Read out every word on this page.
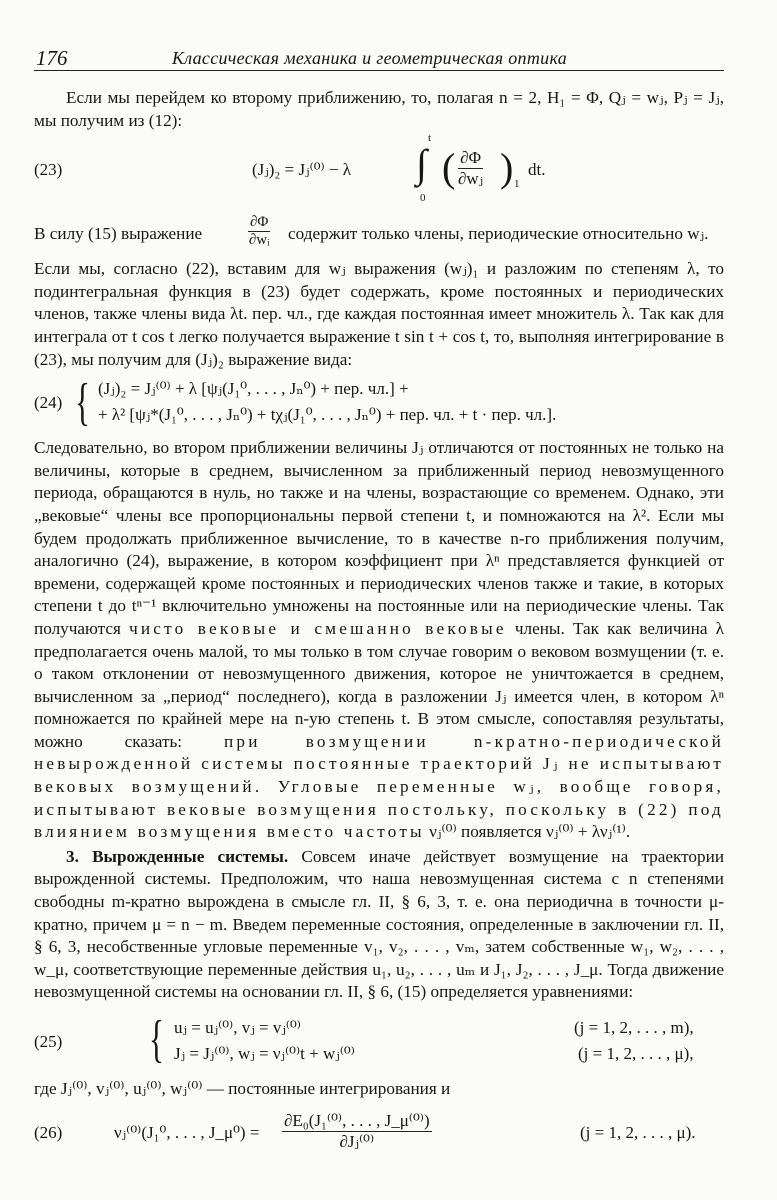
176	Классическая механика и геометрическая оптика

Если мы перейдем ко второму приближению, то, полагая n = 2, H₁ = Φ, Qⱼ = wⱼ, Pⱼ = Jⱼ, мы получим из (12):

(23)	(Jⱼ)₂ = Jⱼ⁽⁰⁾ − λ ∫
t
0
( $\frac{\partial\Phi}{\text{∂wⱼ}}$ ) 1
dt.
В силу (15) выражение	$\frac{\partial\Phi}{\text{∂wᵢ}}$ содержит только члены, периодические относительно wⱼ.

Если мы, согласно (22), вставим для wⱼ выражения (wⱼ)₁ и разложим по степеням λ, то подинтегральная функция в (23) будет содержать, кроме постоянных и периодических членов, также члены вида λt. пер. чл., где каждая постоянная имеет множитель λ. Так как для интеграла от t cos t легко получается выражение t sin t + cos t, то, выполняя интегрирование в (23), мы получим для (Jⱼ)₂ выражение вида:

(24) { (Jⱼ)₂ = Jⱼ⁽⁰⁾ + λ [ψⱼ(J₁⁰, . . . , Jₙ⁰) + пер. чл.] +
+ λ² [ψⱼ*(J₁⁰, . . . , Jₙ⁰) + tχⱼ(J₁⁰, . . . , Jₙ⁰) + пер. чл. + t · пер. чл.].

Следовательно, во втором приближении величины Jⱼ отличаются от постоянных не только на величины, которые в среднем, вычисленном за приближенный период невозмущенного периода, обращаются в нуль, но также и на члены, возрастающие со временем. Однако, эти „вековые“ члены все пропорциональны первой степени t, и помножаются на λ². Если мы будем продолжать приближенное вычисление, то в качестве n-го приближения получим, аналогично (24), выражение, в котором коэффициент при λⁿ представляется функцией от времени, содержащей кроме постоянных и периодических членов также и такие, в которых степени t до tⁿ⁻¹ включительно умножены на постоянные или на периодические члены. Так получаются чисто вековые и смешанно вековые члены. Так как величина λ предполагается очень малой, то мы только в том случае говорим о вековом возмущении (т. е. о таком отклонении от невозмущенного движения, которое не уничтожается в среднем, вычисленном за „период“ последнего), когда в разложении Jⱼ имеется член, в котором λⁿ помножается по крайней мере на n-ую степень t. В этом смысле, сопоставляя результаты, можно сказать: при возмущении n-кратно-периодической невырожденной системы постоянные траекторий Jⱼ не испытывают вековых возмущений. Угловые переменные wⱼ, вообще говоря, испытывают вековые возмущения постольку, поскольку в (22) под влиянием возмущения вместо частоты νⱼ⁽⁰⁾ появляется νⱼ⁽⁰⁾ + λνⱼ⁽¹⁾.

3. Вырожденные системы. Совсем иначе действует возмущение на траектории вырожденной системы. Предположим, что наша невозмущенная система с n степенями свободны m-кратно вырождена в смысле гл. II, § 6, 3, т. е. она периодична в точности μ-кратно, причем μ = n − m. Введем переменные состояния, определенные в заключении гл. II, § 6, 3, несобственные угловые переменные v₁, v₂, . . . , vₘ, затем собственные w₁, w₂, . . . , w_μ, соответствующие переменные действия u₁, u₂, . . . , uₘ и J₁, J₂, . . . , J_μ. Тогда движение невозмущенной системы на основании гл. II, § 6, (15) определяется уравнениями:

(25) { uⱼ = uⱼ⁽⁰⁾, vⱼ = vⱼ⁽⁰⁾	(j = 1, 2, . . . , m),
Jⱼ = Jⱼ⁽⁰⁾, wⱼ = νⱼ⁽⁰⁾t + wⱼ⁽⁰⁾	(j = 1, 2, . . . , μ),

где Jⱼ⁽⁰⁾, vⱼ⁽⁰⁾, uⱼ⁽⁰⁾, wⱼ⁽⁰⁾ — постоянные интегрирования и

(26)	νⱼ⁽⁰⁾(J₁⁰, . . . , J_μ⁰) = $\frac{\text{∂E₀(J₁⁽⁰⁾, . . . , J\_μ⁽⁰⁾)}}{\text{∂Jⱼ⁽⁰⁾}}$	(j = 1, 2, . . . , μ).
